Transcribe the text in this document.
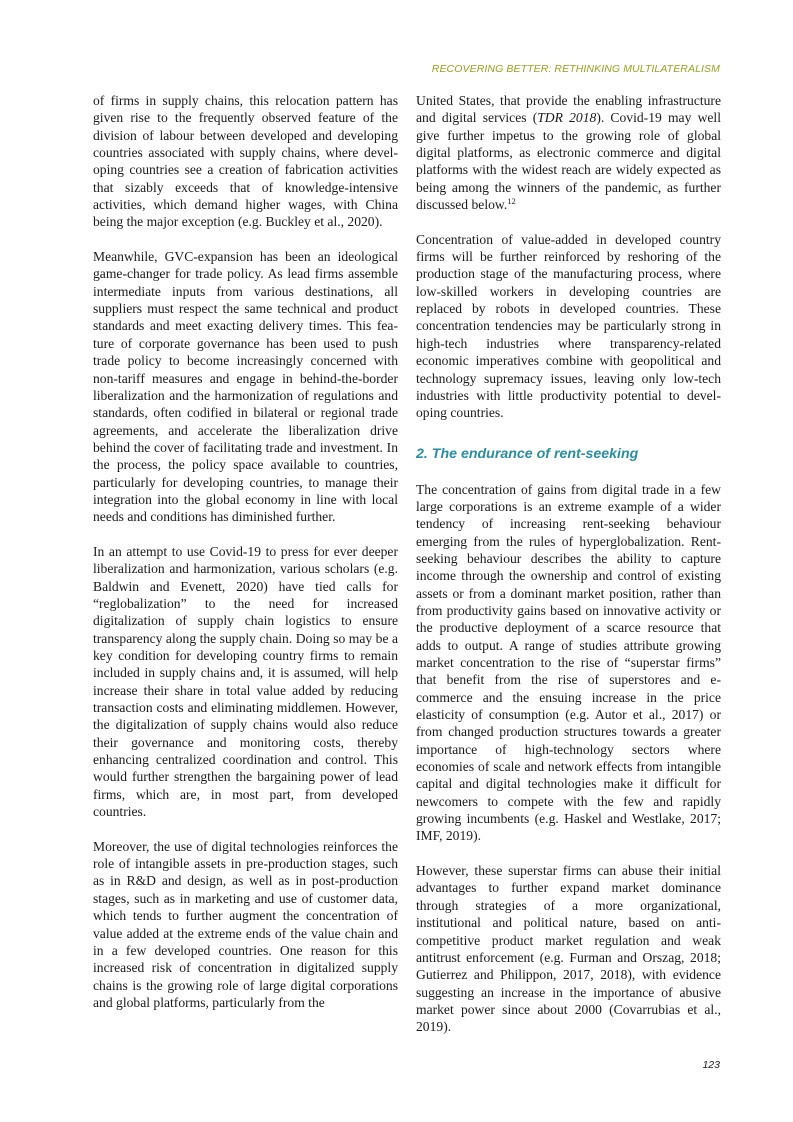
RECOVERING BETTER: RETHINKING MULTILATERALISM

of firms in supply chains, this relocation pattern has given rise to the frequently observed feature of the division of labour between developed and developing countries associated with supply chains, where developing countries see a creation of fabrication activities that sizably exceeds that of knowledge-intensive activities, which demand higher wages, with China being the major exception (e.g. Buckley et al., 2020).

Meanwhile, GVC-expansion has been an ideological game-changer for trade policy. As lead firms assemble intermediate inputs from various destinations, all suppliers must respect the same technical and product standards and meet exacting delivery times. This feature of corporate governance has been used to push trade policy to become increasingly concerned with non-tariff measures and engage in behind-the-border liberalization and the harmonization of regulations and standards, often codified in bilateral or regional trade agreements, and accelerate the liberalization drive behind the cover of facilitating trade and investment. In the process, the policy space available to countries, particularly for developing countries, to manage their integration into the global economy in line with local needs and conditions has diminished further.

In an attempt to use Covid-19 to press for ever deeper liberalization and harmonization, various scholars (e.g. Baldwin and Evenett, 2020) have tied calls for “reglobalization” to the need for increased digitalization of supply chain logistics to ensure transparency along the supply chain. Doing so may be a key condition for developing country firms to remain included in supply chains and, it is assumed, will help increase their share in total value added by reducing transaction costs and eliminating middlemen. However, the digitalization of supply chains would also reduce their governance and monitoring costs, thereby enhancing centralized coordination and control. This would further strengthen the bargaining power of lead firms, which are, in most part, from developed countries.

Moreover, the use of digital technologies reinforces the role of intangible assets in pre-production stages, such as in R&D and design, as well as in post-production stages, such as in marketing and use of customer data, which tends to further augment the concentration of value added at the extreme ends of the value chain and in a few developed countries. One reason for this increased risk of concentration in digitalized supply chains is the growing role of large digital corporations and global platforms, particularly from the

United States, that provide the enabling infrastructure and digital services (TDR 2018). Covid-19 may well give further impetus to the growing role of global digital platforms, as electronic commerce and digital platforms with the widest reach are widely expected as being among the winners of the pandemic, as further discussed below.$^{12}$

Concentration of value-added in developed country firms will be further reinforced by reshoring of the production stage of the manufacturing process, where low-skilled workers in developing countries are replaced by robots in developed countries. These concentration tendencies may be particularly strong in high-tech industries where transparency-related economic imperatives combine with geopolitical and technology supremacy issues, leaving only low-tech industries with little productivity potential to developing countries.

2. The endurance of rent-seeking

The concentration of gains from digital trade in a few large corporations is an extreme example of a wider tendency of increasing rent-seeking behaviour emerging from the rules of hyperglobalization. Rent-seeking behaviour describes the ability to capture income through the ownership and control of existing assets or from a dominant market position, rather than from productivity gains based on innovative activity or the productive deployment of a scarce resource that adds to output. A range of studies attribute growing market concentration to the rise of “superstar firms” that benefit from the rise of superstores and e-commerce and the ensuing increase in the price elasticity of consumption (e.g. Autor et al., 2017) or from changed production structures towards a greater importance of high-technology sectors where economies of scale and network effects from intangible capital and digital technologies make it difficult for newcomers to compete with the few and rapidly growing incumbents (e.g. Haskel and Westlake, 2017; IMF, 2019).

However, these superstar firms can abuse their initial advantages to further expand market dominance through strategies of a more organizational, institutional and political nature, based on anti-competitive product market regulation and weak antitrust enforcement (e.g. Furman and Orszag, 2018; Gutierrez and Philippon, 2017, 2018), with evidence suggesting an increase in the importance of abusive market power since about 2000 (Covarrubias et al., 2019).

123
